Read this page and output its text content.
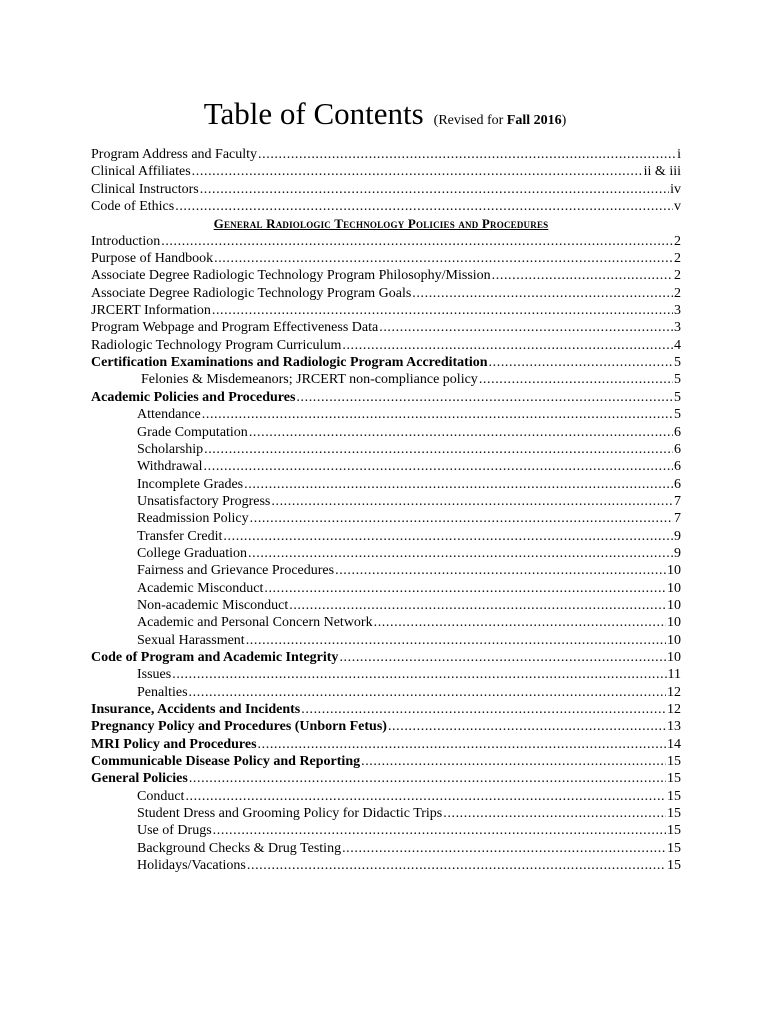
Table of Contents (Revised for Fall 2016)
Program Address and Faculty .....	i
Clinical Affiliates .....	ii & iii
Clinical Instructors .....	iv
Code of Ethics .....	v
General Radiologic Technology Policies and Procedures
Introduction .....	2
Purpose of Handbook .....	2
Associate Degree Radiologic Technology Program Philosophy/Mission .....	2
Associate Degree Radiologic Technology Program Goals .....	2
JRCERT Information .....	3
Program Webpage and Program Effectiveness Data .....	3
Radiologic Technology Program Curriculum .....	4
Certification Examinations and Radiologic Program Accreditation .....	5
Felonies & Misdemeanors; JRCERT non-compliance policy .....	5
Academic Policies and Procedures .....	5
Attendance .....	5
Grade Computation .....	6
Scholarship .....	6
Withdrawal .....	6
Incomplete Grades .....	6
Unsatisfactory Progress .....	7
Readmission Policy .....	7
Transfer Credit .....	9
College Graduation .....	9
Fairness and Grievance Procedures .....	10
Academic Misconduct .....	10
Non-academic Misconduct .....	10
Academic and Personal Concern Network .....	10
Sexual Harassment .....	10
Code of Program and Academic Integrity .....	10
Issues .....	11
Penalties .....	12
Insurance, Accidents and Incidents .....	12
Pregnancy Policy and Procedures (Unborn Fetus) .....	13
MRI Policy and Procedures .....	14
Communicable Disease Policy and Reporting .....	15
General Policies .....	15
Conduct .....	15
Student Dress and Grooming Policy for Didactic Trips .....	15
Use of Drugs .....	15
Background Checks & Drug Testing .....	15
Holidays/Vacations .....	15
